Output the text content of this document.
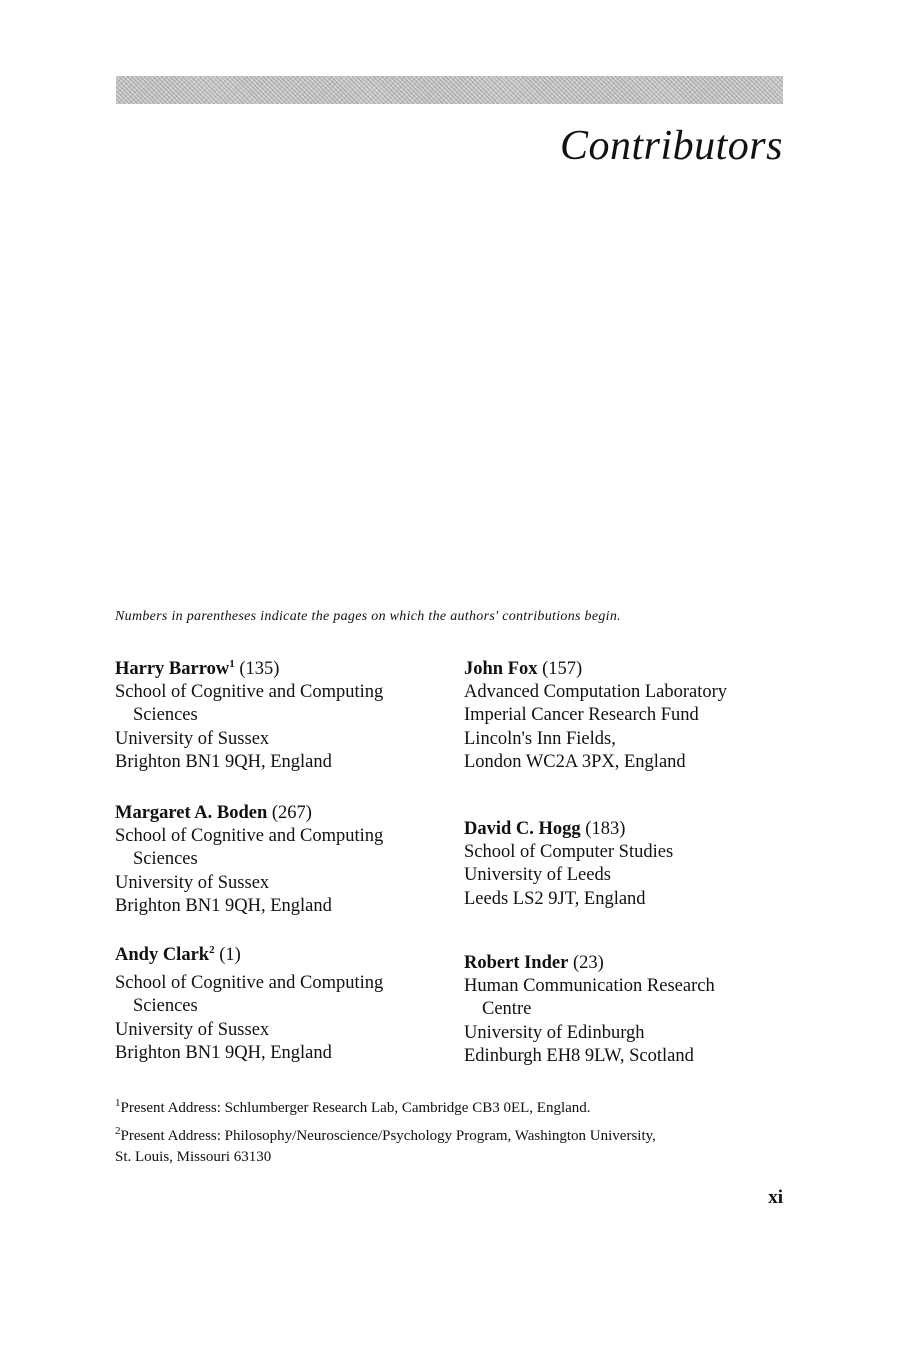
Contributors

Numbers in parentheses indicate the pages on which the authors' contributions begin.

Harry Barrow$^1$ (135)

School of Cognitive and Computing

Sciences

University of Sussex

Brighton BN1 9QH, England

Margaret A. Boden (267)

School of Cognitive and Computing

Sciences

University of Sussex

Brighton BN1 9QH, England

Andy Clark$^2$ (1)

School of Cognitive and Computing

Sciences

University of Sussex

Brighton BN1 9QH, England

John Fox (157)

Advanced Computation Laboratory

Imperial Cancer Research Fund

Lincoln's Inn Fields,

London WC2A 3PX, England

David C. Hogg (183)

School of Computer Studies

University of Leeds

Leeds LS2 9JT, England

Robert Inder (23)

Human Communication Research

Centre

University of Edinburgh

Edinburgh EH8 9LW, Scotland

$^1$Present Address: Schlumberger Research Lab, Cambridge CB3 0EL, England.

$^2$Present Address: Philosophy/Neuroscience/Psychology Program, Washington University,
St. Louis, Missouri 63130

xi
